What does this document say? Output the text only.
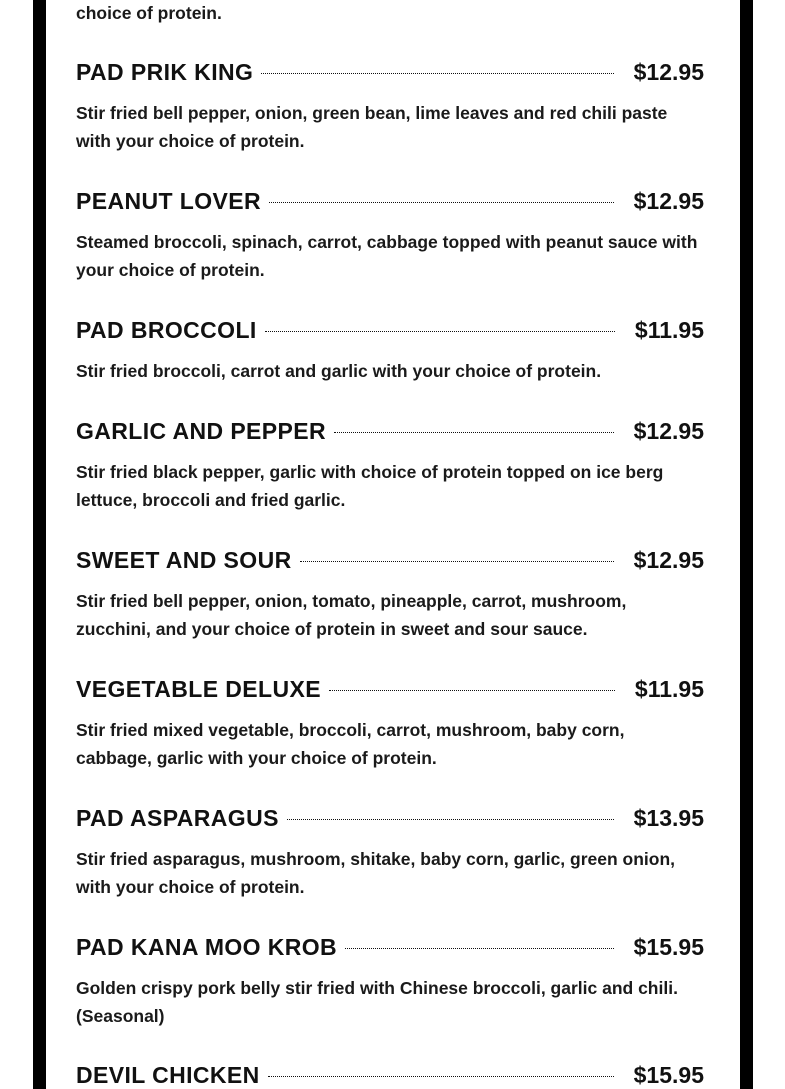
choice of protein.
PAD PRIK KING	$12.95
Stir fried bell pepper, onion, green bean, lime leaves and red chili paste with your choice of protein.
PEANUT LOVER	$12.95
Steamed broccoli, spinach, carrot, cabbage topped with peanut sauce with your choice of protein.
PAD BROCCOLI	$11.95
Stir fried broccoli, carrot and garlic with your choice of protein.
GARLIC AND PEPPER	$12.95
Stir fried black pepper, garlic with choice of protein topped on ice berg lettuce, broccoli and fried garlic.
SWEET AND SOUR	$12.95
Stir fried bell pepper, onion, tomato, pineapple, carrot, mushroom, zucchini, and your choice of protein in sweet and sour sauce.
VEGETABLE DELUXE	$11.95
Stir fried mixed vegetable, broccoli, carrot, mushroom, baby corn, cabbage, garlic with your choice of protein.
PAD ASPARAGUS	$13.95
Stir fried asparagus, mushroom, shitake, baby corn, garlic, green onion, with your choice of protein.
PAD KANA MOO KROB	$15.95
Golden crispy pork belly stir fried with Chinese broccoli, garlic and chili. (Seasonal)
DEVIL CHICKEN	$15.95
